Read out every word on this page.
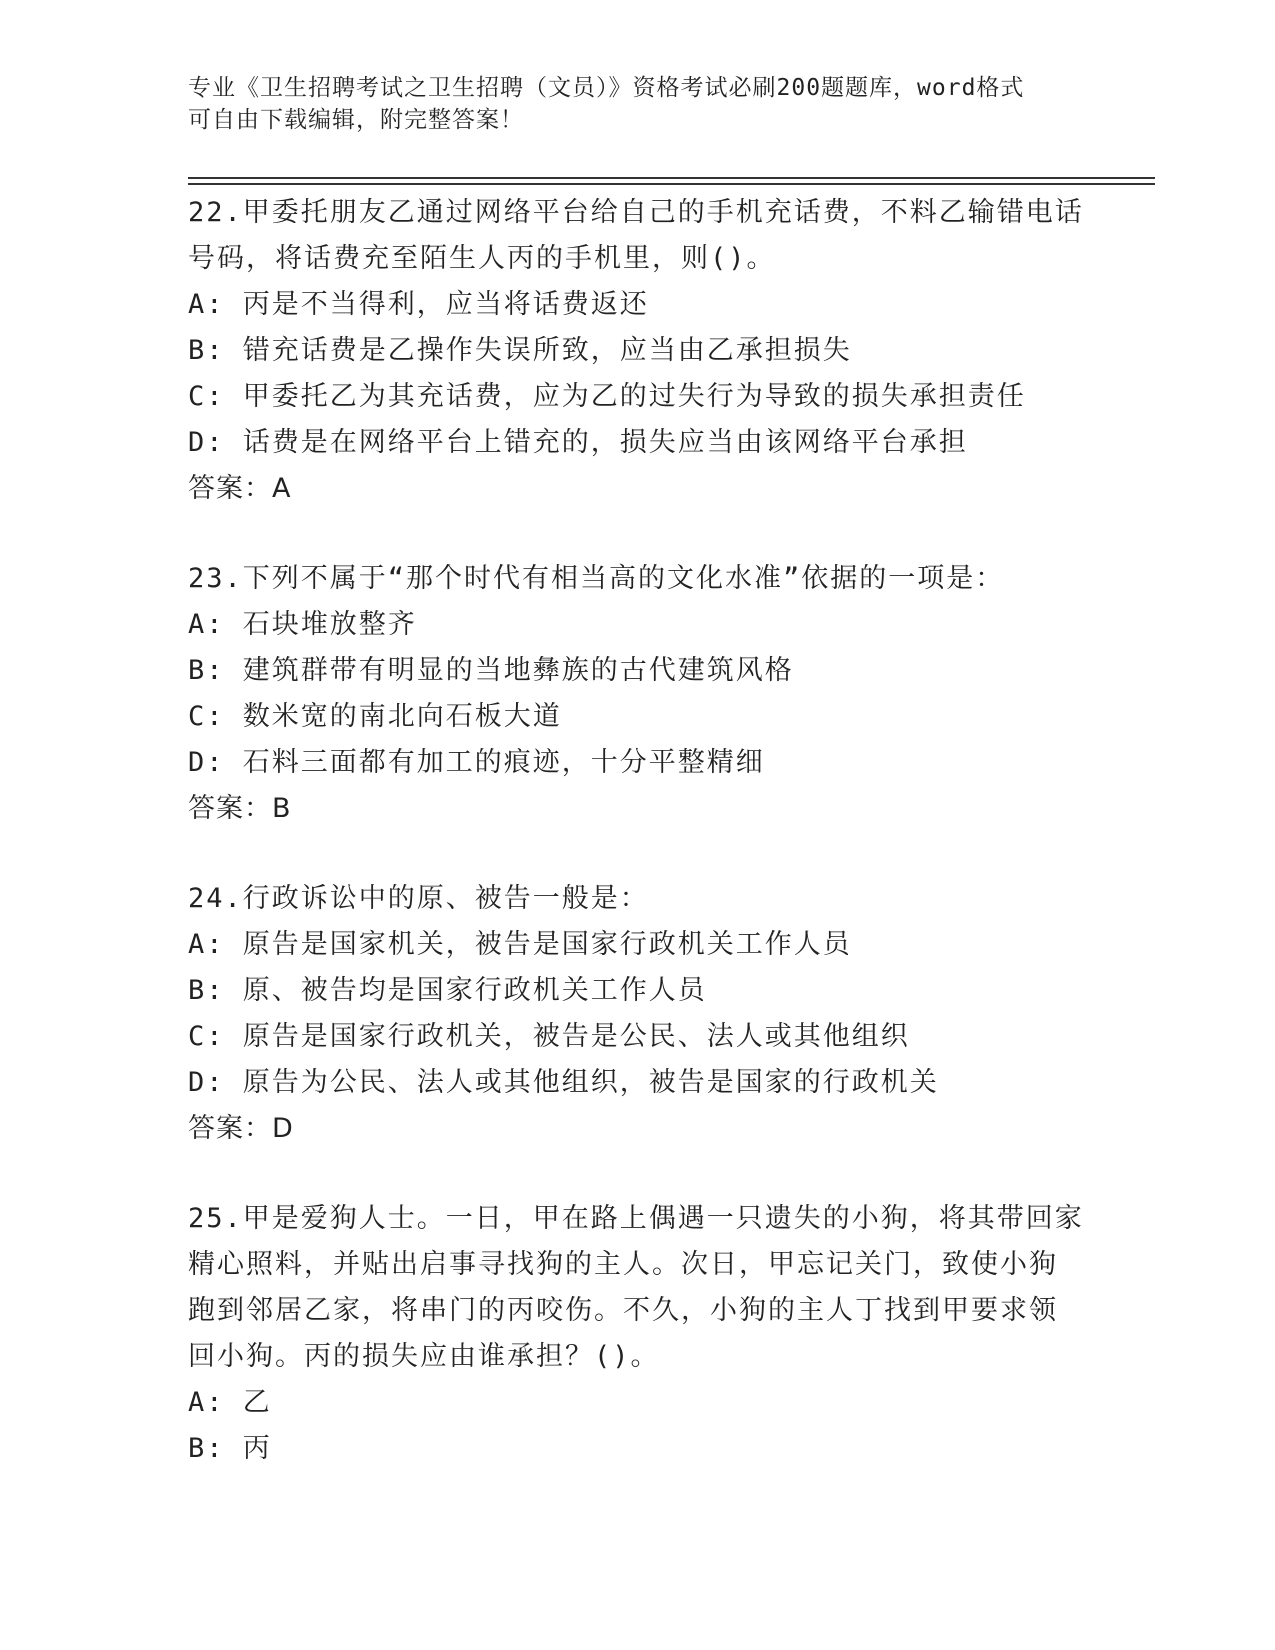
专业《卫生招聘考试之卫生招聘（文员）》资格考试必刷200题题库，word格式
可自由下载编辑，附完整答案！

22.甲委托朋友乙通过网络平台给自己的手机充话费，不料乙输错电话

号码，将话费充至陌生人丙的手机里，则()。

A: 丙是不当得利，应当将话费返还

B: 错充话费是乙操作失误所致，应当由乙承担损失

C: 甲委托乙为其充话费，应为乙的过失行为导致的损失承担责任

D: 话费是在网络平台上错充的，损失应当由该网络平台承担

答案：A

23.下列不属于“那个时代有相当高的文化水准”依据的一项是：

A: 石块堆放整齐

B: 建筑群带有明显的当地彝族的古代建筑风格

C: 数米宽的南北向石板大道

D: 石料三面都有加工的痕迹，十分平整精细

答案：B

24.行政诉讼中的原、被告一般是：

A: 原告是国家机关，被告是国家行政机关工作人员

B: 原、被告均是国家行政机关工作人员

C: 原告是国家行政机关，被告是公民、法人或其他组织

D: 原告为公民、法人或其他组织，被告是国家的行政机关

答案：D

25.甲是爱狗人士。一日，甲在路上偶遇一只遗失的小狗，将其带回家

精心照料，并贴出启事寻找狗的主人。次日，甲忘记关门，致使小狗

跑到邻居乙家，将串门的丙咬伤。不久，小狗的主人丁找到甲要求领

回小狗。丙的损失应由谁承担？()。

A: 乙

B: 丙
